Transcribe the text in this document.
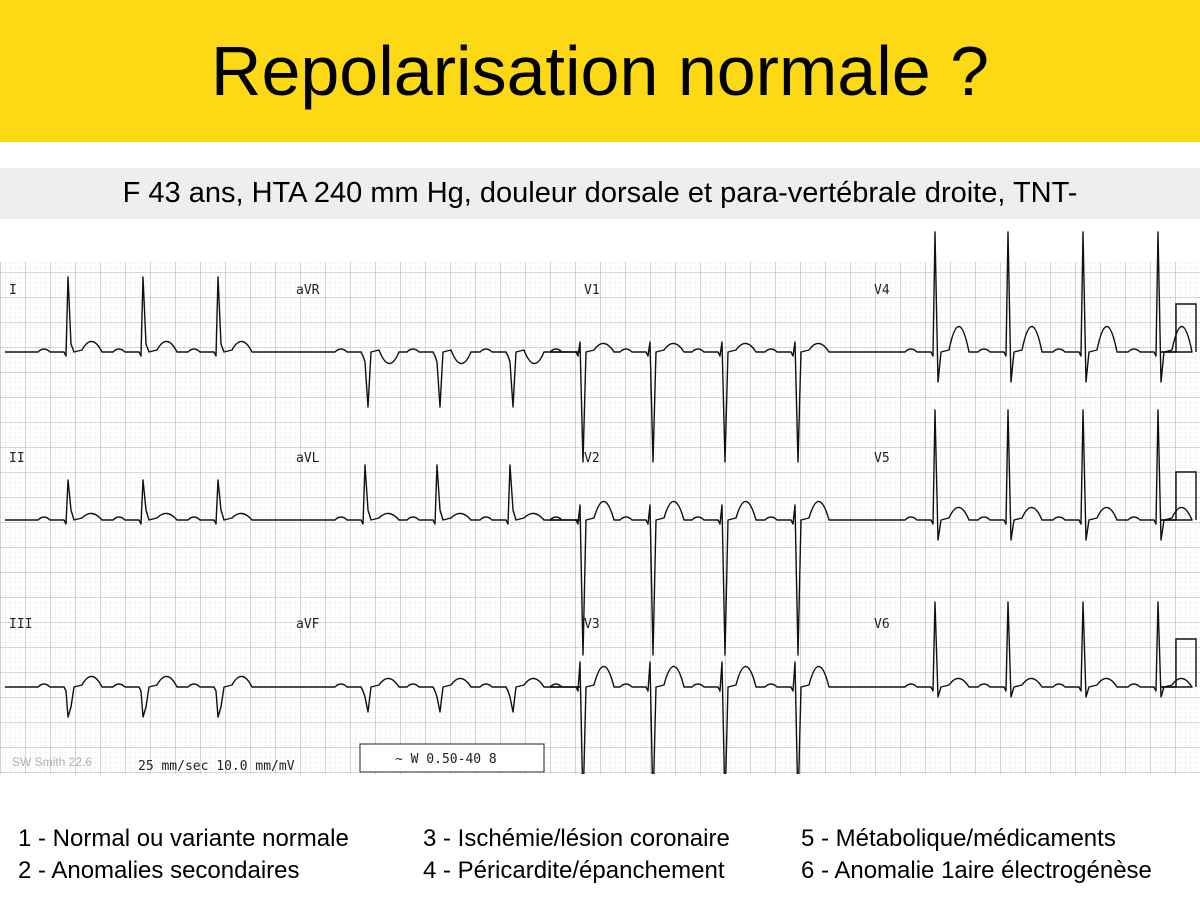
Repolarisation normale ?
F 43 ans, HTA 240 mm Hg, douleur dorsale et para-vertébrale droite, TNT-
I	aVR	V1	V4
II	aVL	V2	V5
III	aVF	V3	V6
SW Smith 22.6	25 mm/sec 10.0 mm/mV	~ W 0.50-40 8
1 - Normal ou variante normale
2 - Anomalies secondaires
3 - Ischémie/lésion coronaire
4 - Péricardite/épanchement
5 - Métabolique/médicaments
6 - Anomalie 1aire électrogénèse
